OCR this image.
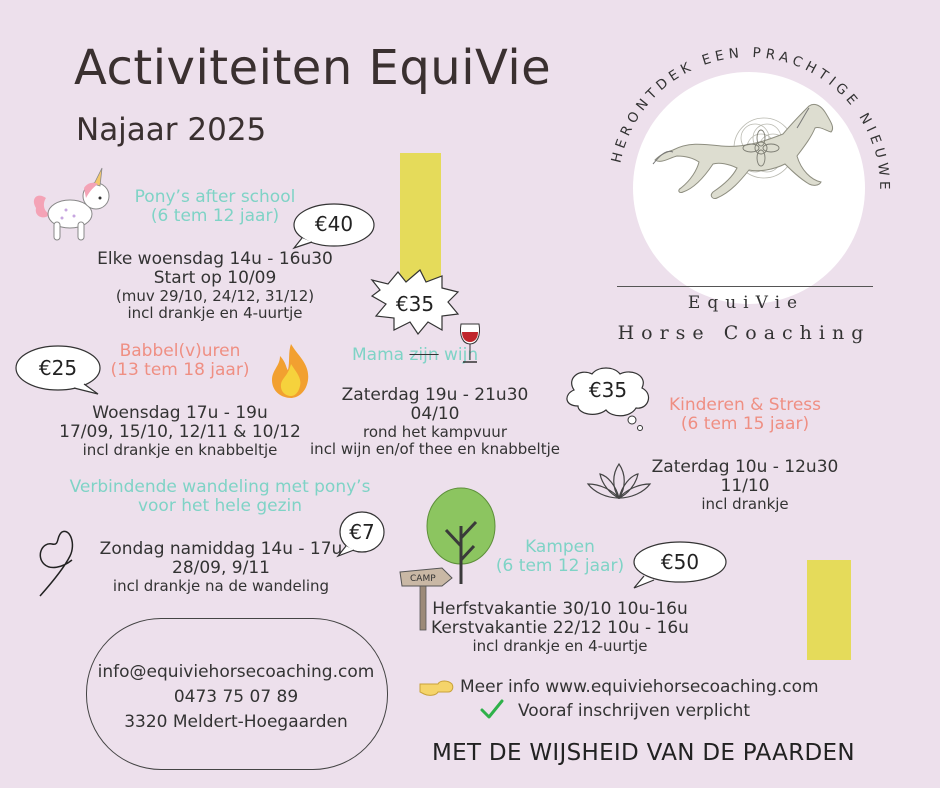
Activiteiten EquiVie
Najaar 2025
HERONTDEK EEN PRACHTIGE NIEUWE JIJ
EquiVie
Horse Coaching
Pony’s after school
(6 tem 12 jaar)	€40
Elke woensdag 14u - 16u30
Start op 10/09
(muv 29/10, 24/12, 31/12)
incl drankje en 4-uurtje	€35
€25
Babbel(v)uren
(13 tem 18 jaar)
Woensdag 17u - 19u
17/09, 15/10, 12/11 & 10/12
incl drankje en knabbeltje
Mama zijn wijn
Zaterdag 19u - 21u30
04/10
rond het kampvuur
incl wijn en/of thee en knabbeltje
€35
Kinderen & Stress
(6 tem 15 jaar)
Zaterdag 10u - 12u30
11/10
incl drankje
Verbindende wandeling met pony’s
voor het hele gezin
€7
Zondag namiddag 14u - 17u
28/09, 9/11
incl drankje na de wandeling	CAMP
Kampen
(6 tem 12 jaar)	€50
Herfstvakantie 30/10 10u-16u
Kerstvakantie 22/12 10u - 16u
incl drankje en 4-uurtje
info@equiviehorsecoaching.com
0473 75 07 89
3320 Meldert-Hoegaarden
Meer info www.equiviehorsecoaching.com
Vooraf inschrijven verplicht
MET DE WIJSHEID VAN DE PAARDEN
